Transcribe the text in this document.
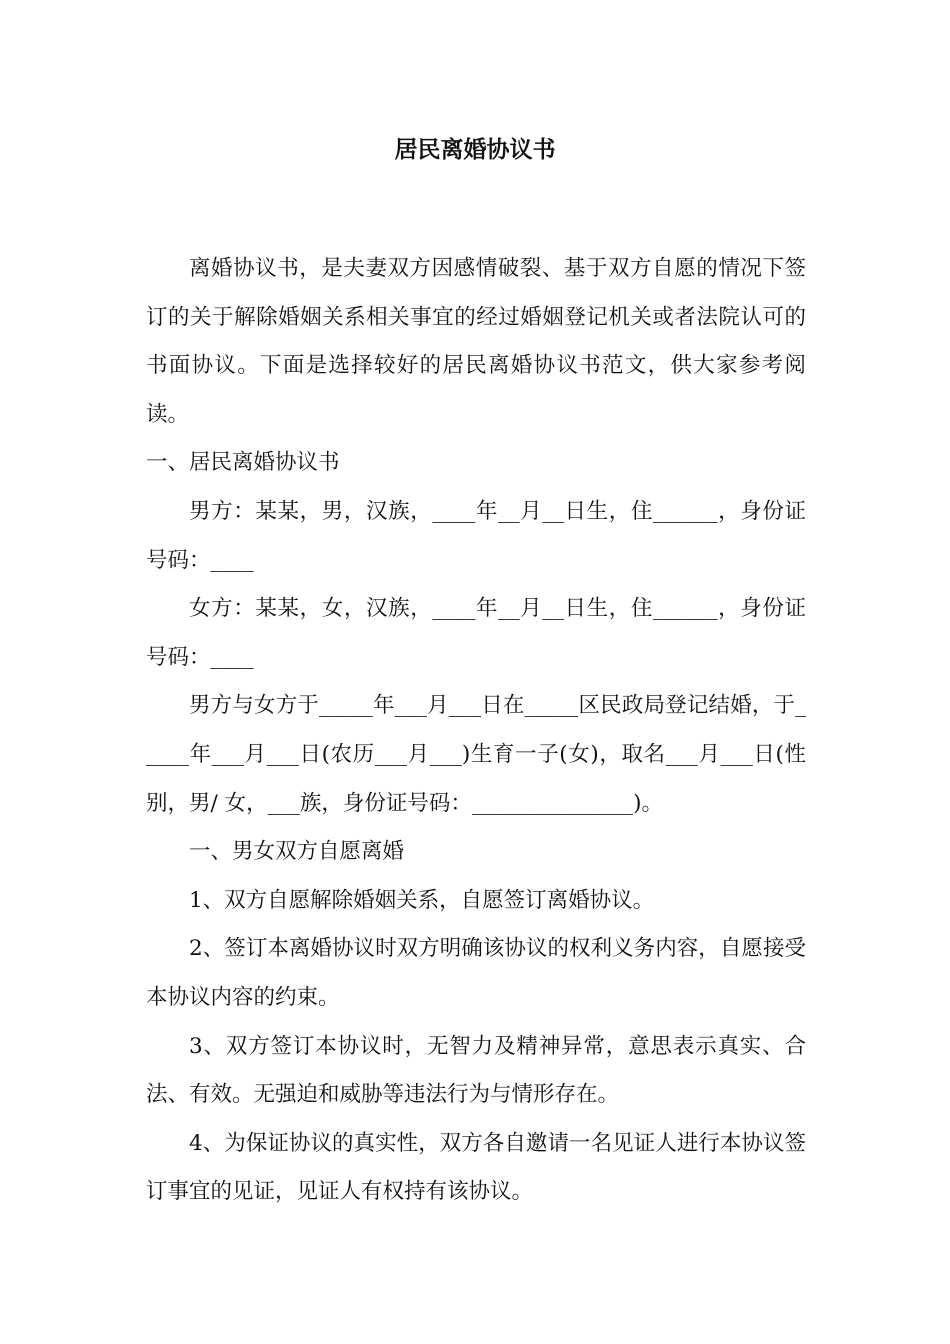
居民离婚协议书

离婚协议书，是夫妻双方因感情破裂、基于双方自愿的情况下签订的关于解除婚姻关系相关事宜的经过婚姻登记机关或者法院认可的书面协议。下面是选择较好的居民离婚协议书范文，供大家参考阅读。

一、居民离婚协议书

男方：某某，男，汉族，____年__月__日生，住______，身份证号码：____

女方：某某，女，汉族，____年__月__日生，住______，身份证号码：____

男方与女方于_____年___月___日在_____区民政局登记结婚，于_____年___月___日(农历___月___)生育一子(女)，取名___月___日(性别，男/ 女，___族，身份证号码：_______________)。

一、男女双方自愿离婚

1、双方自愿解除婚姻关系，自愿签订离婚协议。

2、签订本离婚协议时双方明确该协议的权利义务内容，自愿接受本协议内容的约束。

3、双方签订本协议时，无智力及精神异常，意思表示真实、合法、有效。无强迫和威胁等违法行为与情形存在。

4、为保证协议的真实性，双方各自邀请一名见证人进行本协议签订事宜的见证，见证人有权持有该协议。
